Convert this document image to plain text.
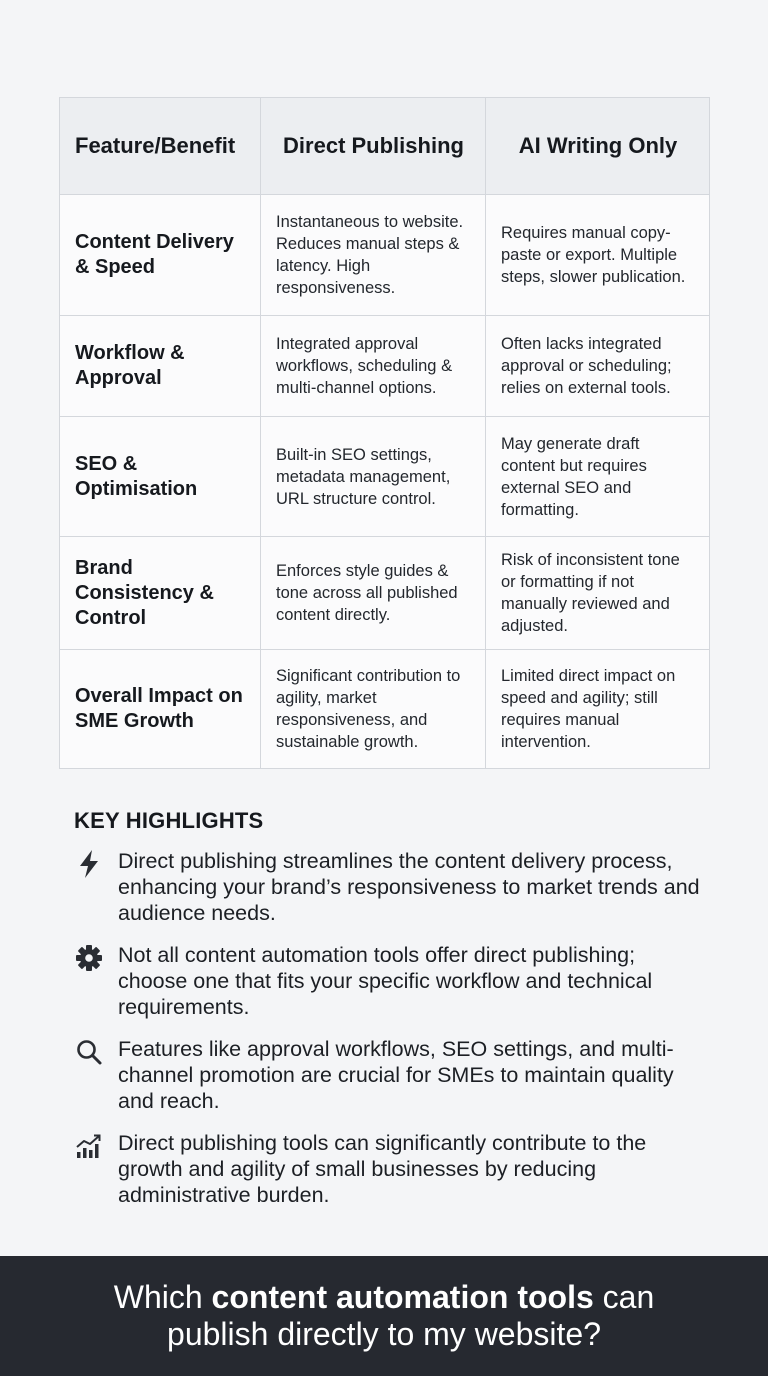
Feature/Benefit	Direct Publishing	AI Writing Only
Content Delivery & Speed	Instantaneous to website. Reduces manual steps & latency. High responsiveness.	Requires manual copy-paste or export. Multiple steps, slower publication.
Workflow & Approval	Integrated approval workflows, scheduling & multi-channel options.	Often lacks integrated approval or scheduling; relies on external tools.
SEO & Optimisation	Built-in SEO settings, metadata management, URL structure control.	May generate draft content but requires external SEO and formatting.
Brand Consistency & Control	Enforces style guides & tone across all published content directly.	Risk of inconsistent tone or formatting if not manually reviewed and adjusted.
Overall Impact on SME Growth	Significant contribution to agility, market responsiveness, and sustainable growth.	Limited direct impact on speed and agility; still requires manual intervention.
KEY HIGHLIGHTS
Direct publishing streamlines the content delivery process, enhancing your brand’s responsiveness to market trends and audience needs.
Not all content automation tools offer direct publishing; choose one that fits your specific workflow and technical requirements.
Features like approval workflows, SEO settings, and multi-channel promotion are crucial for SMEs to maintain quality and reach.
Direct publishing tools can significantly contribute to the growth and agility of small businesses by reducing administrative burden.
Which content automation tools can publish directly to my website?
